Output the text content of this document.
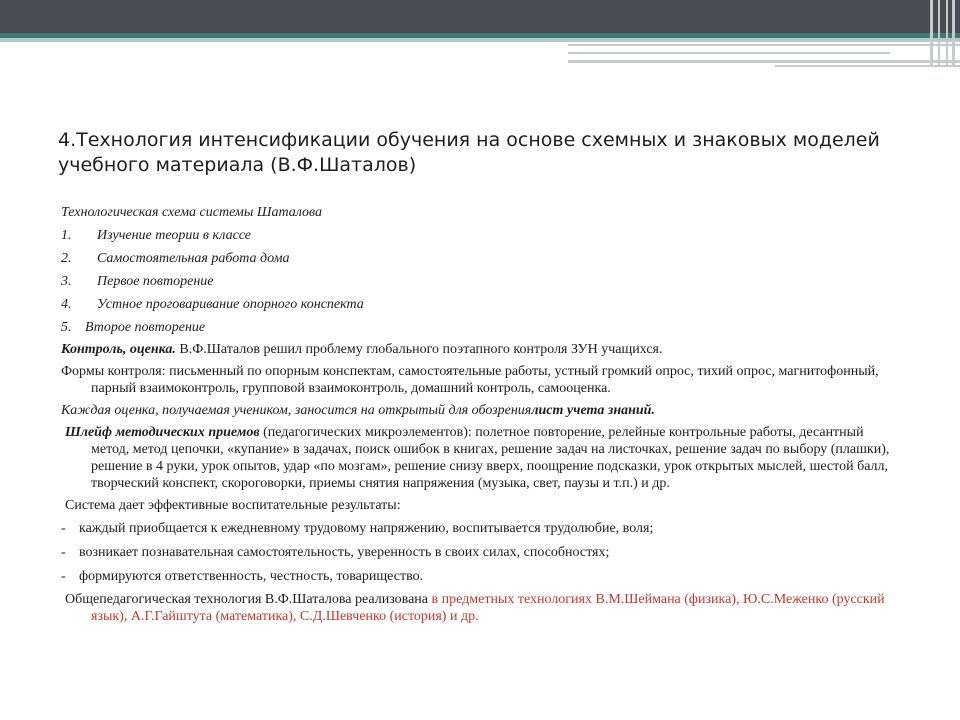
4.Технология интенсификации обучения на основе схемных и знаковых моделей учебного материала (В.Ф.Шаталов)

Технологическая схема системы Шаталова

1. Изучение теории в классе

2. Самостоятельная работа дома

3. Первое повторение

4. Устное проговаривание опорного конспекта

5. Второе повторение

Контроль, оценка. В.Ф.Шаталов решил проблему глобального поэтапного контроля ЗУН учащихся.

Формы контроля: письменный по опорным конспектам, самостоятельные работы, устный громкий опрос, тихий опрос, магнитофонный, парный взаимоконтроль, групповой взаимоконтроль, домашний контроль, самооценка.

Каждая оценка, получаемая учеником, заносится на открытый для обозрениялист учета знаний.

Шлейф методических приемов (педагогических микроэлементов): полетное повторение, релейные контрольные работы, десантный метод, метод цепочки, «купание» в задачах, поиск ошибок в книгах, решение задач на листочках, решение задач по выбору (плашки), решение в 4 руки, урок опытов, удар «по мозгам», решение снизу вверх, поощрение подсказки, урок открытых мыслей, шестой балл, творческий конспект, скороговорки, приемы снятия напряжения (музыка, свет, паузы и т.п.) и др.

Система дает эффективные воспитательные результаты:

- каждый приобщается к ежедневному трудовому напряжению, воспитывается трудолюбие, воля;

- возникает познавательная самостоятельность, уверенность в своих силах, способностях;

- формируются ответственность, честность, товарищество.

Общепедагогическая технология В.Ф.Шаталова реализована в предметных технологиях В.М.Шеймана (физика), Ю.С.Меженко (русский язык), А.Г.Гайштута (математика), С.Д.Шевченко (история) и др.
